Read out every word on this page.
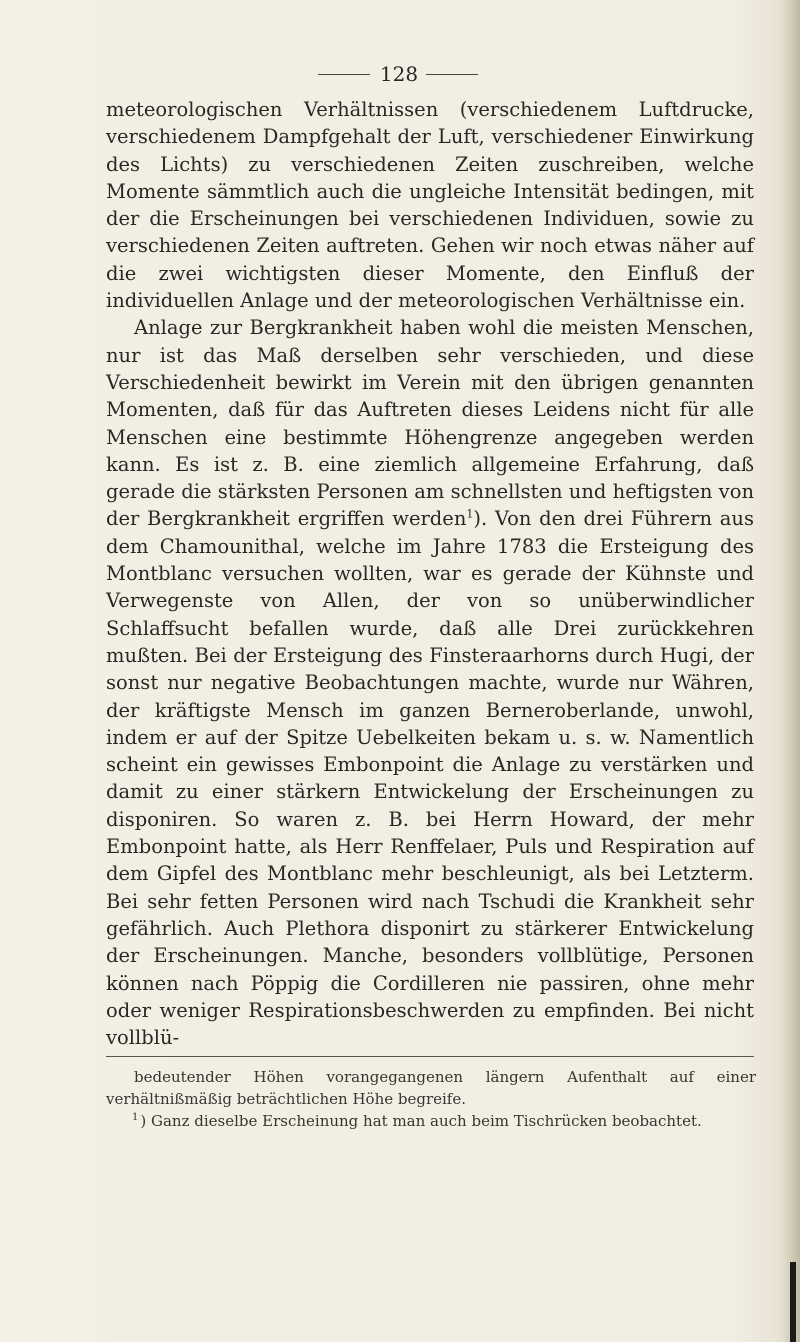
128

meteorologischen Verhältnissen (verschiedenem Luftdrucke, verschiedenem Dampfgehalt der Luft, verschiedener Einwirkung des Lichts) zu verschiedenen Zeiten zuschreiben, welche Momente sämmtlich auch die ungleiche Intensität bedingen, mit der die Erscheinungen bei verschiedenen Individuen, sowie zu verschiedenen Zeiten auftreten. Gehen wir noch etwas näher auf die zwei wichtigsten dieser Momente, den Einfluß der individuellen Anlage und der meteorologischen Verhältnisse ein.

Anlage zur Bergkrankheit haben wohl die meisten Menschen, nur ist das Maß derselben sehr verschieden, und diese Verschiedenheit bewirkt im Verein mit den übrigen genannten Momenten, daß für das Auftreten dieses Leidens nicht für alle Menschen eine bestimmte Höhengrenze angegeben werden kann. Es ist z. B. eine ziemlich allgemeine Erfahrung, daß gerade die stärksten Personen am schnellsten und heftigsten von der Bergkrankheit ergriffen werden$^1$). Von den drei Führern aus dem Chamounithal, welche im Jahre 1783 die Ersteigung des Montblanc versuchen wollten, war es gerade der Kühnste und Verwegenste von Allen, der von so unüberwindlicher Schlaffsucht befallen wurde, daß alle Drei zurückkehren mußten. Bei der Ersteigung des Finsteraarhorns durch Hugi, der sonst nur negative Beobachtungen machte, wurde nur Währen, der kräftigste Mensch im ganzen Berneroberlande, unwohl, indem er auf der Spitze Uebelkeiten bekam u. s. w. Namentlich scheint ein gewisses Embonpoint die Anlage zu verstärken und damit zu einer stärkern Entwickelung der Erscheinungen zu disponiren. So waren z. B. bei Herrn Howard, der mehr Embonpoint hatte, als Herr Renffelaer, Puls und Respiration auf dem Gipfel des Montblanc mehr beschleunigt, als bei Letzterm. Bei sehr fetten Personen wird nach Tschudi die Krankheit sehr gefährlich. Auch Plethora disponirt zu stärkerer Entwickelung der Erscheinungen. Manche, besonders vollblütige, Personen können nach Pöppig die Cordilleren nie passiren, ohne mehr oder weniger Respirationsbeschwerden zu empfinden. Bei nicht vollblü-

bedeutender Höhen vorangegangenen längern Aufenthalt auf einer verhältnißmäßig beträchtlichen Höhe begreife.

$^1$ ) Ganz dieselbe Erscheinung hat man auch beim Tischrücken beobachtet.
